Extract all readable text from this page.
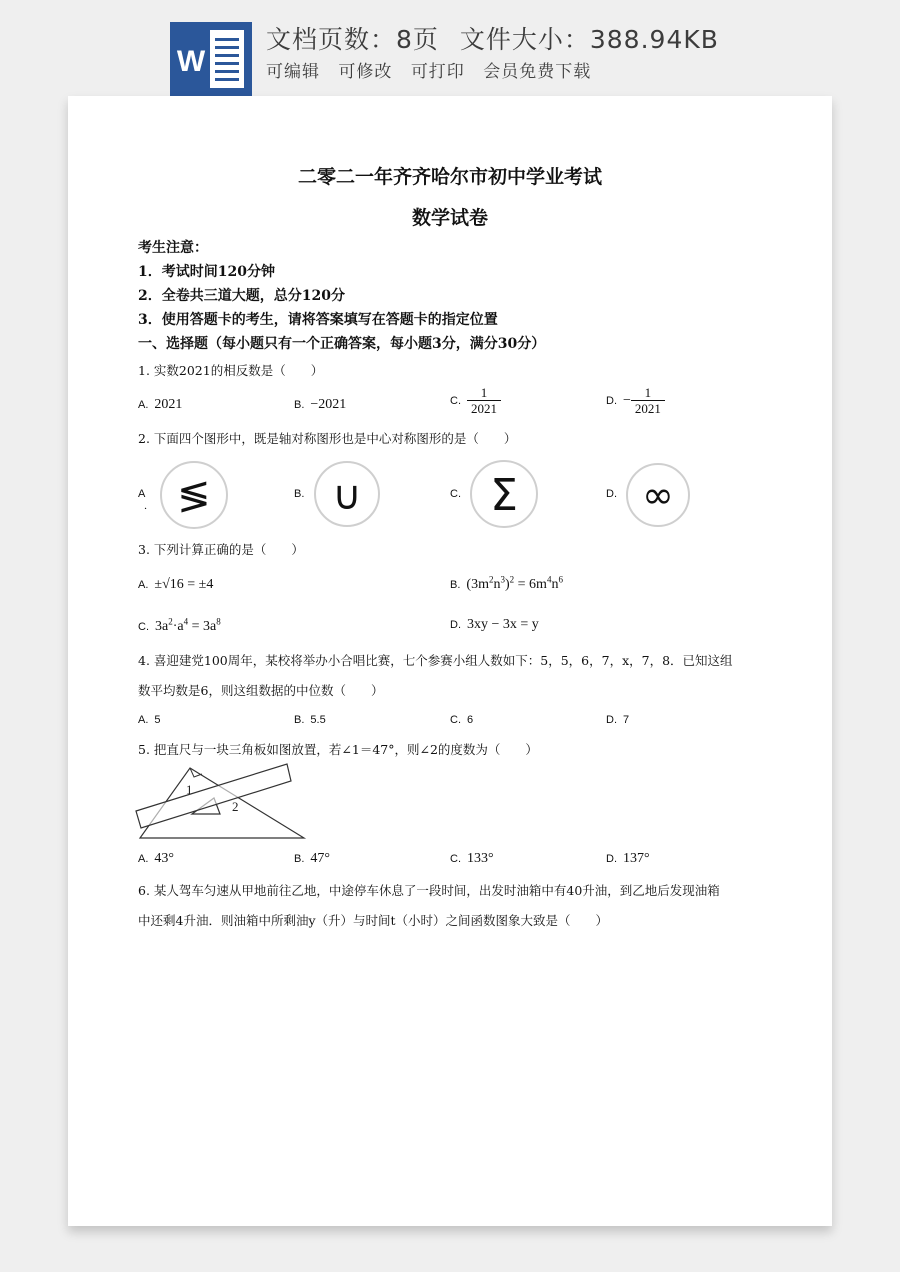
W
文档页数：8页 文件大小：388.94KB
可编辑 可修改 可打印 会员免费下载
二零二一年齐齐哈尔市初中学业考试
数学试卷
考生注意：
1．考试时间120分钟
2．全卷共三道大题，总分120分
3．使用答题卡的考生，请将答案填写在答题卡的指定位置
一、选择题（每小题只有一个正确答案，每小题3分，满分30分）
1. 实数2021的相反数是（　　）
A. 2021	B. −2021	C. $\frac{1}{2021}$	D. − $\frac{1}{2021}$
2. 下面四个图形中，既是轴对称图形也是中心对称图形的是（　　）
A
． ≶	B. ∪	C. Σ	D. ∞
3. 下列计算正确的是（　　）
A. ±√16 = ±4	B. $(3m^2n^3)^2 = 6m^4n^6$
C. $3a^2\cdot a^4 = 3a^8$	D. 3xy − 3x = y
4. 喜迎建党100周年，某校将举办小合唱比赛，七个参赛小组人数如下：5，5，6，7，x，7，8．已知这组
数平均数是6，则这组数据的中位数（　　）
A. 5	B. 5.5	C. 6	D. 7
5. 把直尺与一块三角板如图放置，若∠1＝47°，则∠2的度数为（　　）
1
2
A. 43°	B. 47°	C. 133°	D. 137°
6. 某人驾车匀速从甲地前往乙地，中途停车休息了一段时间，出发时油箱中有40升油，到乙地后发现油箱
中还剩4升油．则油箱中所剩油y（升）与时间t（小时）之间函数图象大致是（　　）
